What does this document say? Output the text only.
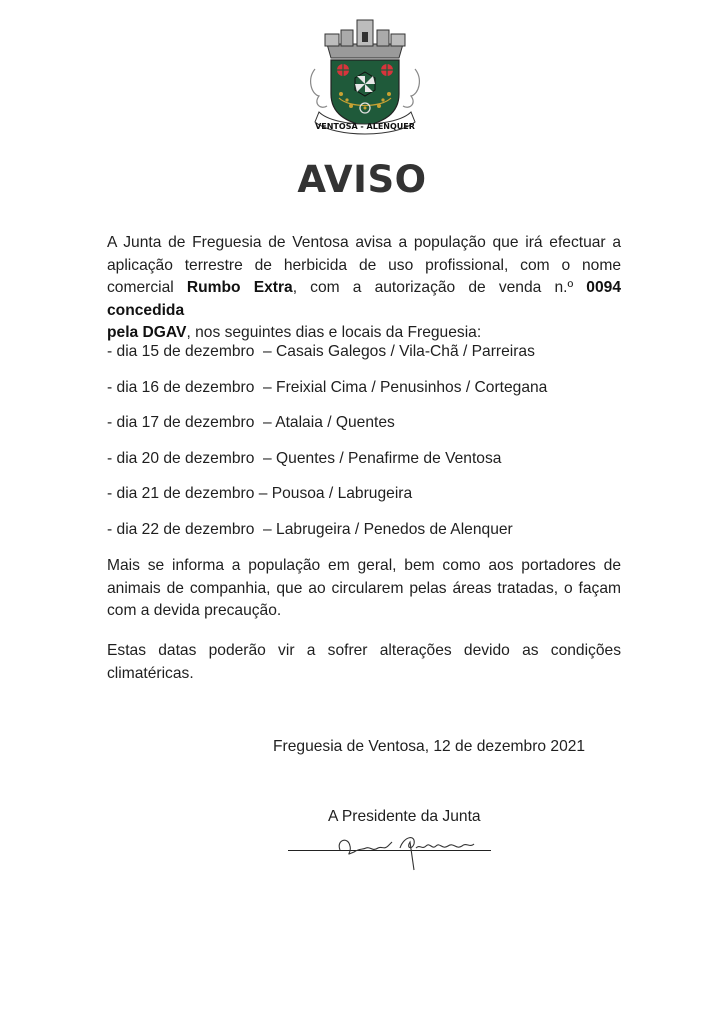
VENTOSA - ALENQUER
AVISO
A Junta de Freguesia de Ventosa avisa a população que irá efectuar a
aplicação terrestre de herbicida de uso profissional, com o nome
comercial Rumbo Extra, com a autorização de venda n.º 0094 concedida
pela DGAV, nos seguintes dias e locais da Freguesia:
- dia 15 de dezembro  – Casais Galegos / Vila-Chã / Parreiras
- dia 16 de dezembro  – Freixial Cima / Penusinhos / Cortegana
- dia 17 de dezembro  – Atalaia / Quentes
- dia 20 de dezembro  – Quentes / Penafirme de Ventosa
- dia 21 de dezembro – Pousoa / Labrugeira
- dia 22 de dezembro  – Labrugeira / Penedos de Alenquer
Mais se informa a população em geral, bem como aos portadores de animais de companhia, que ao circularem pelas áreas tratadas, o façam com a devida precaução.
Estas datas poderão vir a sofrer alterações devido as condições climatéricas.
Freguesia de Ventosa, 12 de dezembro 2021
A Presidente da Junta
